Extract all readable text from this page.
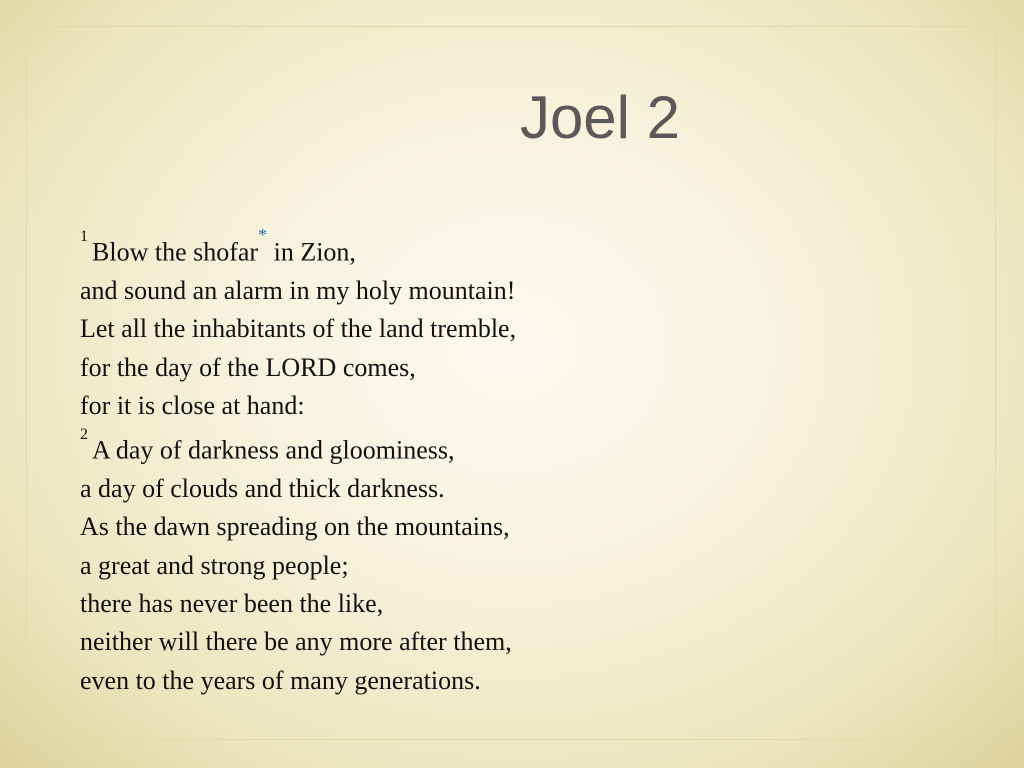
Joel 2
$^1$Blow the shofar* in Zion,
and sound an alarm in my holy mountain!
Let all the inhabitants of the land tremble,
for the day of the LORD comes,
for it is close at hand:
$^2$A day of darkness and gloominess,
a day of clouds and thick darkness.
As the dawn spreading on the mountains,
a great and strong people;
there has never been the like,
neither will there be any more after them,
even to the years of many generations.
